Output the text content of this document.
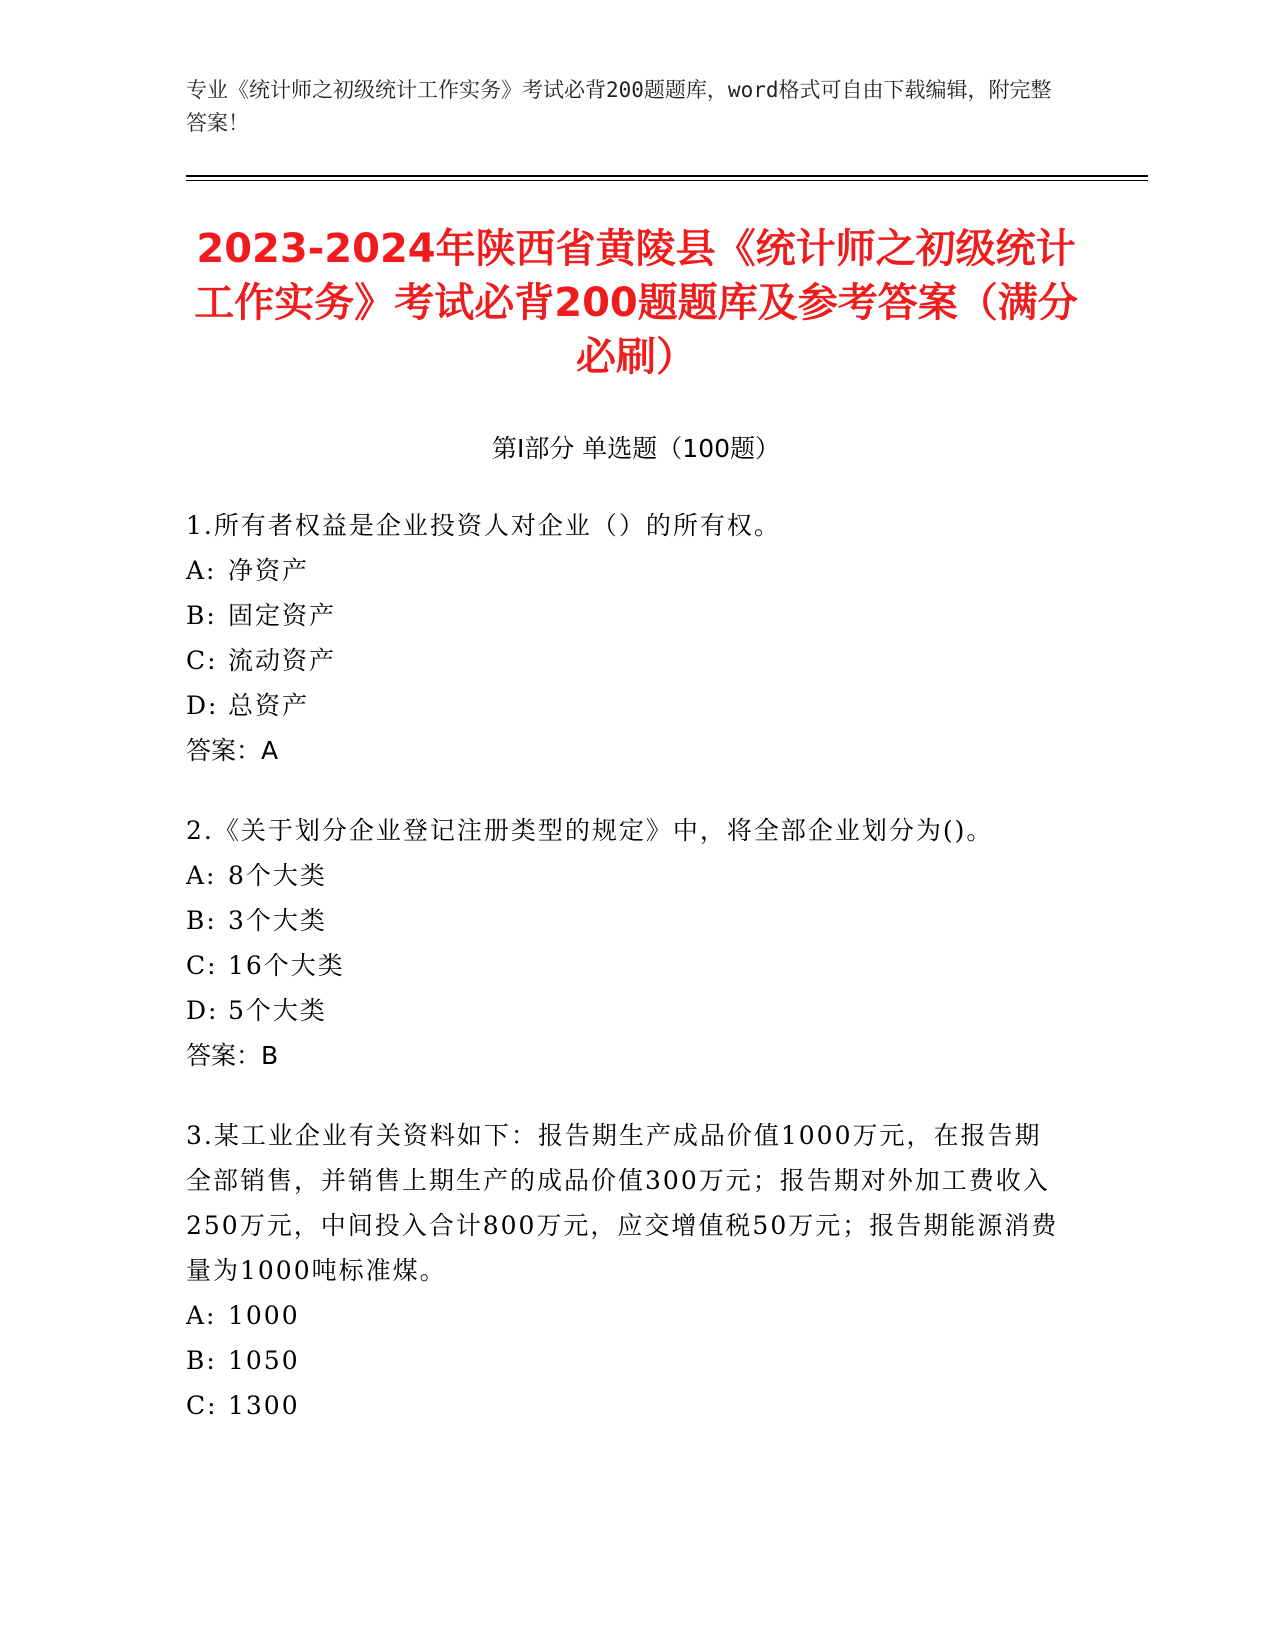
专业《统计师之初级统计工作实务》考试必背200题题库，word格式可自由下载编辑，附完整答案！
2023-2024年陕西省黄陵县《统计师之初级统计工作实务》考试必背200题题库及参考答案（满分必刷）
第I部分 单选题（100题）

1.所有者权益是企业投资人对企业（）的所有权。

A: 净资产

B: 固定资产

C: 流动资产

D: 总资产

答案：A

2.《关于划分企业登记注册类型的规定》中，将全部企业划分为()。

A: 8个大类

B: 3个大类

C: 16个大类

D: 5个大类

答案：B

3.某工业企业有关资料如下：报告期生产成品价值1000万元，在报告期全部销售，并销售上期生产的成品价值300万元；报告期对外加工费收入250万元，中间投入合计800万元，应交增值税50万元；报告期能源消费量为1000吨标准煤。

A: 1000

B: 1050

C: 1300
